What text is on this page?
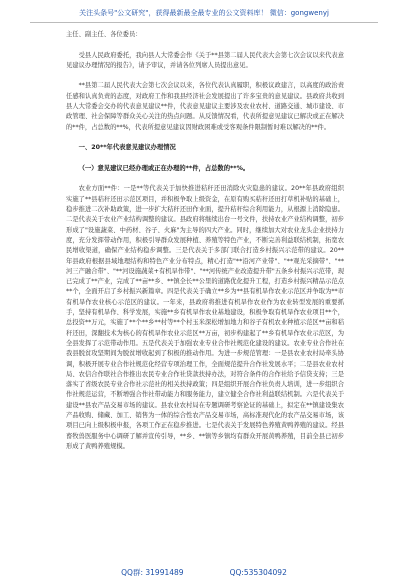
关注头条号"公文研究"，获得最新最全最专业的公文资料库！ 微信：gongwenyj

主任、副主任、各位委员：

受县人民政府委托，我向县人大常委会作《关于**县第二届人民代表大会第七次会议以来代表意见建议办理情况的报告》，请予审议，并请各位列席人员提出意见。

**县第二届人民代表大会第七次会议以来，各位代表认真履职，积极议政建言，以高度的政治责任感和认真负责的态度，对政府工作和我县经济社会发展提出了许多宝贵的意见建议。县政府共收到县人大常委会交办的代表意见建议**件，代表意见建议主要涉及农业农村、道路交通、城市建设、市政管理、社会保障等群众关心关注的热点问题。从反馈情况看，代表所提意见建议已解决或正在解决的**件，占总数的**%，代表所提意见建议因财政困难或受客观条件限制暂时难以解决的**件。

一、20**年代表意见建议办理情况

（一）意见建议已经办理或正在办理的**件，占总数的**%。

农业方面**件：一是**等代表关于加快推进秸秆还田消除火灾隐患的建议。20**年县政府组织实施了**县秸秆还田示范区项目，并积极争取上级资金，在原有购买秸秆还田打草机补贴的基础上，稳步推进二次补助政策，进一步扩大秸秆还田作业面，提升秸秆综合利用能力，从根源上消除隐患。二是代表关于农业产业结构调整的建议。县政府将继续出台一号文件，扶持农业产业结构调整，初步形成了"设施蔬菜、中药材、谷子、火麻"为主导的四大产业。同时，继续加大对农业龙头企业扶持力度，充分发挥带动作用，积极引导群众发展种植、养殖等特色产业，不断完善利益联结机制，拓宽农民增收渠道，确保产业结构稳步调整。三是代表关于多部门联合打造乡村振兴示范带的建议。20**年县政府根据县域地理结构和特色产业分布特点，精心打造"**沿河产业带"、"**观光采摘带"、"**河三产融合带"、"**河设施蔬菜+有机旱作带"、"**河传统产业改造提升带"五条乡村振兴示范带，现已完成了**产业，完成了**亩**乡、**镇全长**公里的道路优化提升工程，打造乡村振兴精品示范点**个，全面开启了乡村振兴新篇章。四是代表关于确立**乡为**县有机旱作农业示范区并争取为**市有机旱作农业核心示范区的建议。一年来，县政府将推进有机旱作农业作为农业转型发展的重要抓手，坚持有机旱作、科学发展，实施**乡有机旱作农业基地建设，积极争取有机旱作农业项目**个，总投资**万元，实施了**个**乡**村等**个村玉米深松增加地力和谷子有机农业种植示范区**亩和秸秆还田，深翻技术为核心的有机旱作农业示范区**万亩，初步构建起了**乡有机旱作农业示范区，为全县发挥了示范带动作用。五是代表关于加强农业专业合作社规范化建设的建议。农业专业合作社在我县脱贫攻坚期间为脱贫增收起到了积极的推动作用。为进一步规范管理：一是县农业农村局牵头协调，积极开展专业合作社规范化经营专项治理工作，全面规范提升合作社发展水平；二是县农业农村局、农信合作联社合作推出农民专业合作社贷款扶持办法，对符合条件的合作社给予信贷支持；三是落实了省级农民专业合作社示范社的相关扶持政策；四是组织开展合作社负责人培训，进一步组织合作社规范运营，不断增强合作社带动能力和服务能力，建立健全合作社利益联结机制。六是代表关于建设**县农产品交易市场的建议。县农业农村局在专题调研考察论证的基础上，拟定在**镇建设集农产品收购、储藏、加工、销售为一体的综合性农产品交易市场，高标准现代化的农产品交易市场，该项目已向上级积极申报，各项工作正在稳步推进。七是代表关于发展特色养殖黄鸭养殖的建议。经县畜牧兽医服务中心调研了解并宣传引导，**乡、**镇等乡镇均有群众开展黄鸭养殖，目前全县已初步形成了黄鸭养殖规模。

QQ群: 31991489	QQ:535304092
